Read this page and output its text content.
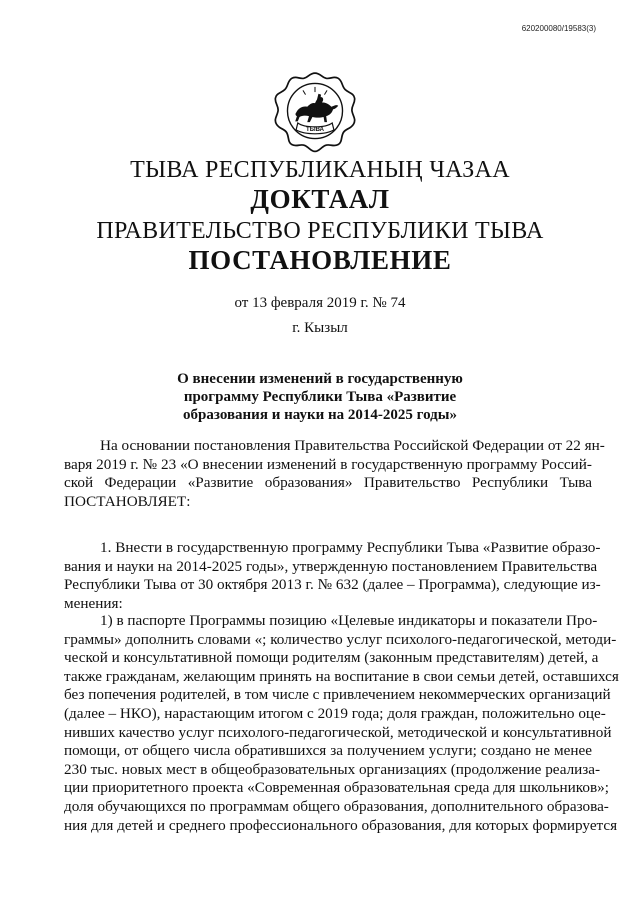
620200080/19583(3)
ТЫВА
ТЫВА РЕСПУБЛИКАНЫҢ ЧАЗАА
ДОКТААЛ
ПРАВИТЕЛЬСТВО РЕСПУБЛИКИ ТЫВА
ПОСТАНОВЛЕНИЕ
от 13 февраля 2019 г. № 74
г. Кызыл
О внесении изменений в государственную
программу Республики Тыва «Развитие
образования и науки на 2014-2025 годы»

На основании постановления Правительства Российской Федерации от 22 ян-
варя 2019 г. № 23 «О внесении изменений в государственную программу Россий-
ской Федерации «Развитие образования» Правительство Республики Тыва
ПОСТАНОВЛЯЕТ:

1. Внести в государственную программу Республики Тыва «Развитие образо-
вания и науки на 2014-2025 годы», утвержденную постановлением Правительства
Республики Тыва от 30 октября 2013 г. № 632 (далее – Программа), следующие из-
менения:

1) в паспорте Программы позицию «Целевые индикаторы и показатели Про-
граммы» дополнить словами «; количество услуг психолого-педагогической, методи-
ческой и консультативной помощи родителям (законным представителям) детей, а
также гражданам, желающим принять на воспитание в свои семьи детей, оставшихся
без попечения родителей, в том числе с привлечением некоммерческих организаций
(далее – НКО), нарастающим итогом с 2019 года; доля граждан, положительно оце-
нивших качество услуг психолого-педагогической, методической и консультативной
помощи, от общего числа обратившихся за получением услуги; создано не менее
230 тыс. новых мест в общеобразовательных организациях (продолжение реализа-
ции приоритетного проекта «Современная образовательная среда для школьников»;
доля обучающихся по программам общего образования, дополнительного образова-
ния для детей и среднего профессионального образования, для которых формируется
